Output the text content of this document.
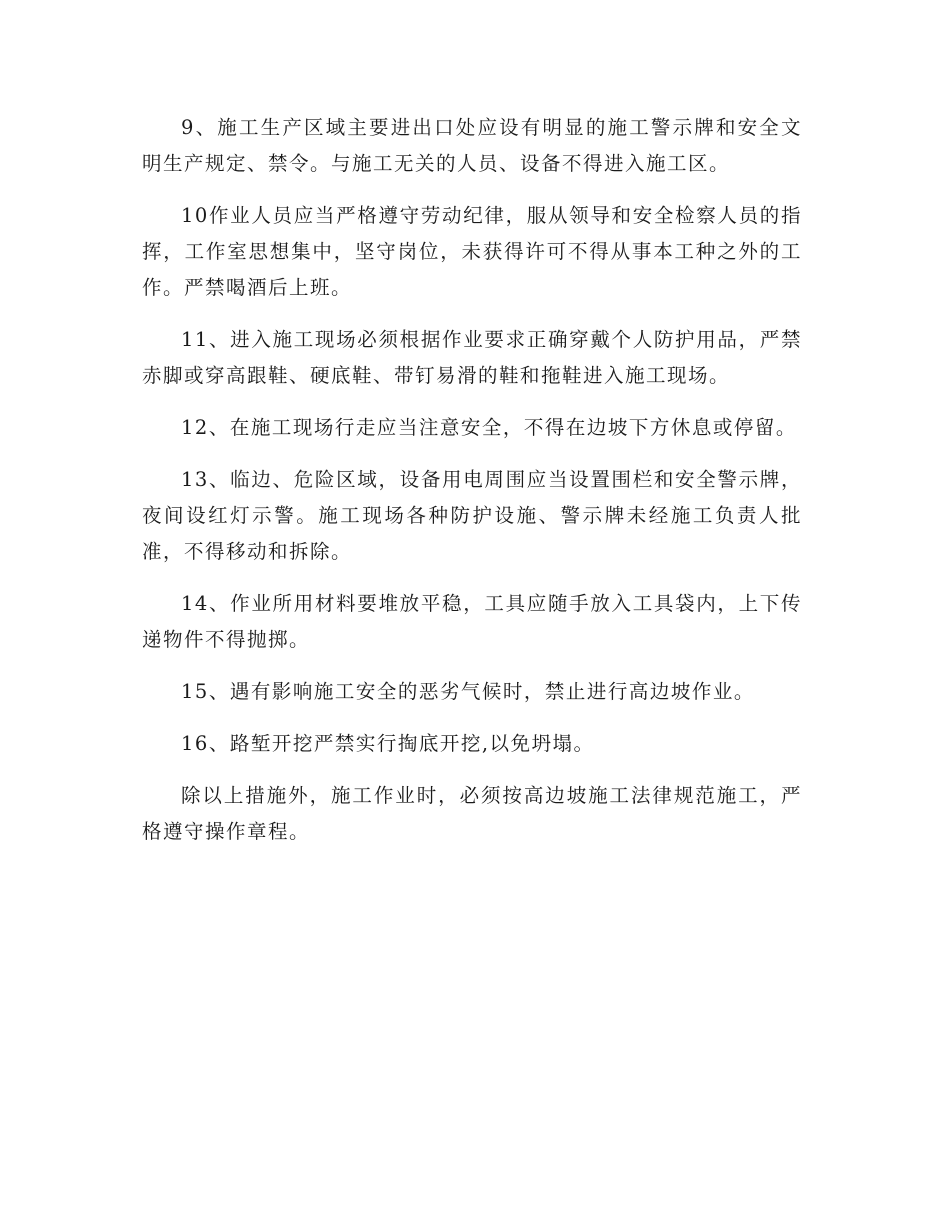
9、施工生产区域主要进出口处应设有明显的施工警示牌和安全文明生产规定、禁令。与施工无关的人员、设备不得进入施工区。

10作业人员应当严格遵守劳动纪律，服从领导和安全检察人员的指挥，工作室思想集中，坚守岗位，未获得许可不得从事本工种之外的工作。严禁喝酒后上班。

11、进入施工现场必须根据作业要求正确穿戴个人防护用品，严禁赤脚或穿高跟鞋、硬底鞋、带钉易滑的鞋和拖鞋进入施工现场。

12、在施工现场行走应当注意安全，不得在边坡下方休息或停留。

13、临边、危险区域，设备用电周围应当设置围栏和安全警示牌，夜间设红灯示警。施工现场各种防护设施、警示牌未经施工负责人批准，不得移动和拆除。

14、作业所用材料要堆放平稳，工具应随手放入工具袋内，上下传递物件不得抛掷。

15、遇有影响施工安全的恶劣气候时，禁止进行高边坡作业。

16、路堑开挖严禁实行掏底开挖,以免坍塌。

除以上措施外，施工作业时，必须按高边坡施工法律规范施工，严格遵守操作章程。
